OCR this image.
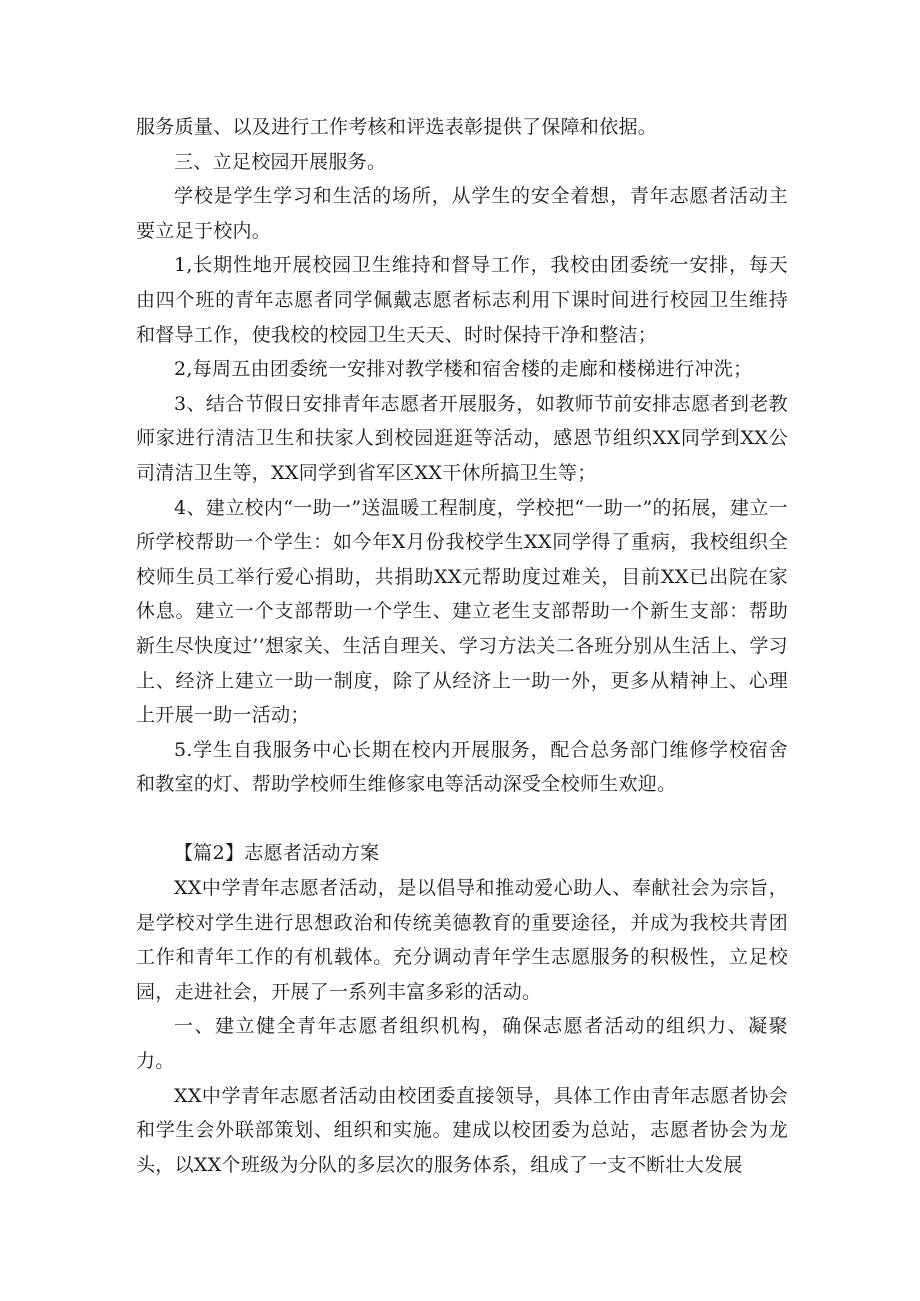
服务质量、以及进行工作考核和评选表彰提供了保障和依据。

三、立足校园开展服务。

学校是学生学习和生活的场所，从学生的安全着想，青年志愿者活动主要立足于校内。

1,长期性地开展校园卫生维持和督导工作，我校由团委统一安排，每天由四个班的青年志愿者同学佩戴志愿者标志利用下课时间进行校园卫生维持和督导工作，使我校的校园卫生天天、时时保持干净和整洁；

2,每周五由团委统一安排对教学楼和宿舍楼的走廊和楼梯进行冲洗；

3、结合节假日安排青年志愿者开展服务，如教师节前安排志愿者到老教师家进行清洁卫生和扶家人到校园逛逛等活动，感恩节组织XX同学到XX公司清洁卫生等，XX同学到省军区XX干休所搞卫生等；

4、建立校内“一助一”送温暖工程制度，学校把“一助一”的拓展，建立一所学校帮助一个学生：如今年X月份我校学生XX同学得了重病，我校组织全校师生员工举行爱心捐助，共捐助XX元帮助度过难关，目前XX已出院在家休息。建立一个支部帮助一个学生、建立老生支部帮助一个新生支部：帮助新生尽快度过’’想家关、生活自理关、学习方法关二各班分别从生活上、学习上、经济上建立一助一制度，除了从经济上一助一外，更多从精神上、心理上开展一助一活动；

5.学生自我服务中心长期在校内开展服务，配合总务部门维修学校宿舍和教室的灯、帮助学校师生维修家电等活动深受全校师生欢迎。

【篇2】志愿者活动方案

XX中学青年志愿者活动，是以倡导和推动爱心助人、奉献社会为宗旨，是学校对学生进行思想政治和传统美德教育的重要途径，并成为我校共青团工作和青年工作的有机载体。充分调动青年学生志愿服务的积极性，立足校园，走进社会，开展了一系列丰富多彩的活动。

一、建立健全青年志愿者组织机构，确保志愿者活动的组织力、凝聚力。

XX中学青年志愿者活动由校团委直接领导，具体工作由青年志愿者协会和学生会外联部策划、组织和实施。建成以校团委为总站，志愿者协会为龙头，以XX个班级为分队的多层次的服务体系，组成了一支不断壮大发展
